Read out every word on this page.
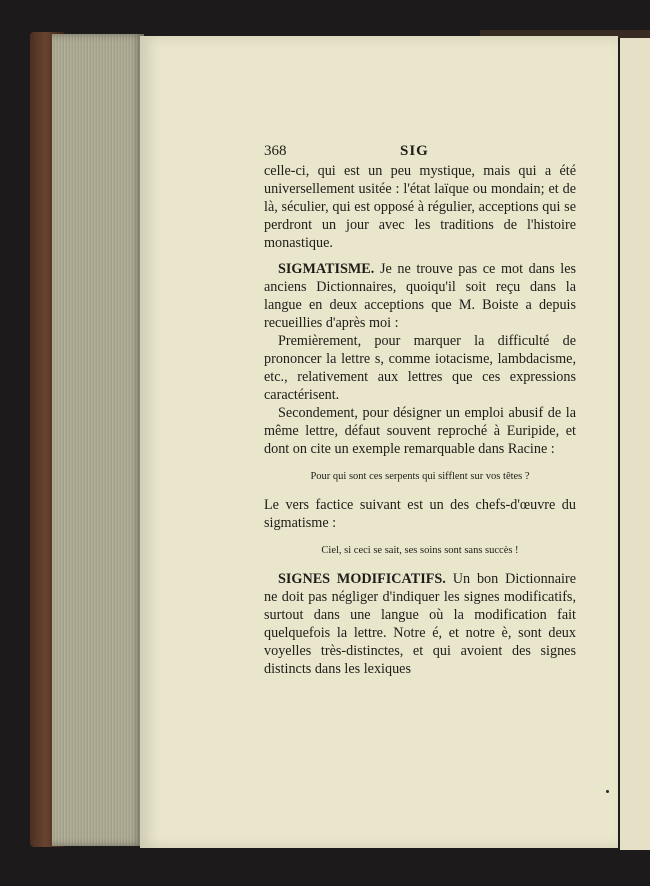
368	SIG

celle-ci, qui est un peu mystique, mais qui a été universellement usitée : l'état laïque ou mondain; et de là, séculier, qui est opposé à régulier, acceptions qui se perdront un jour avec les traditions de l'histoire monastique.

SIGMATISME. Je ne trouve pas ce mot dans les anciens Dictionnaires, quoiqu'il soit reçu dans la langue en deux acceptions que M. Boiste a depuis recueillies d'après moi :

Premièrement, pour marquer la difficulté de prononcer la lettre s, comme iotacisme, lambdacisme, etc., relativement aux lettres que ces expressions caractérisent.

Secondement, pour désigner un emploi abusif de la même lettre, défaut souvent reproché à Euripide, et dont on cite un exemple remarquable dans Racine :

Pour qui sont ces serpents qui sifflent sur vos têtes ?

Le vers factice suivant est un des chefs-d'œuvre du sigmatisme :

Ciel, si ceci se sait, ses soins sont sans succès !

SIGNES MODIFICATIFS. Un bon Dictionnaire ne doit pas négliger d'indiquer les signes modificatifs, surtout dans une langue où la modification fait quelquefois la lettre. Notre é, et notre è, sont deux voyelles très-distinctes, et qui avoient des signes distincts dans les lexiques
